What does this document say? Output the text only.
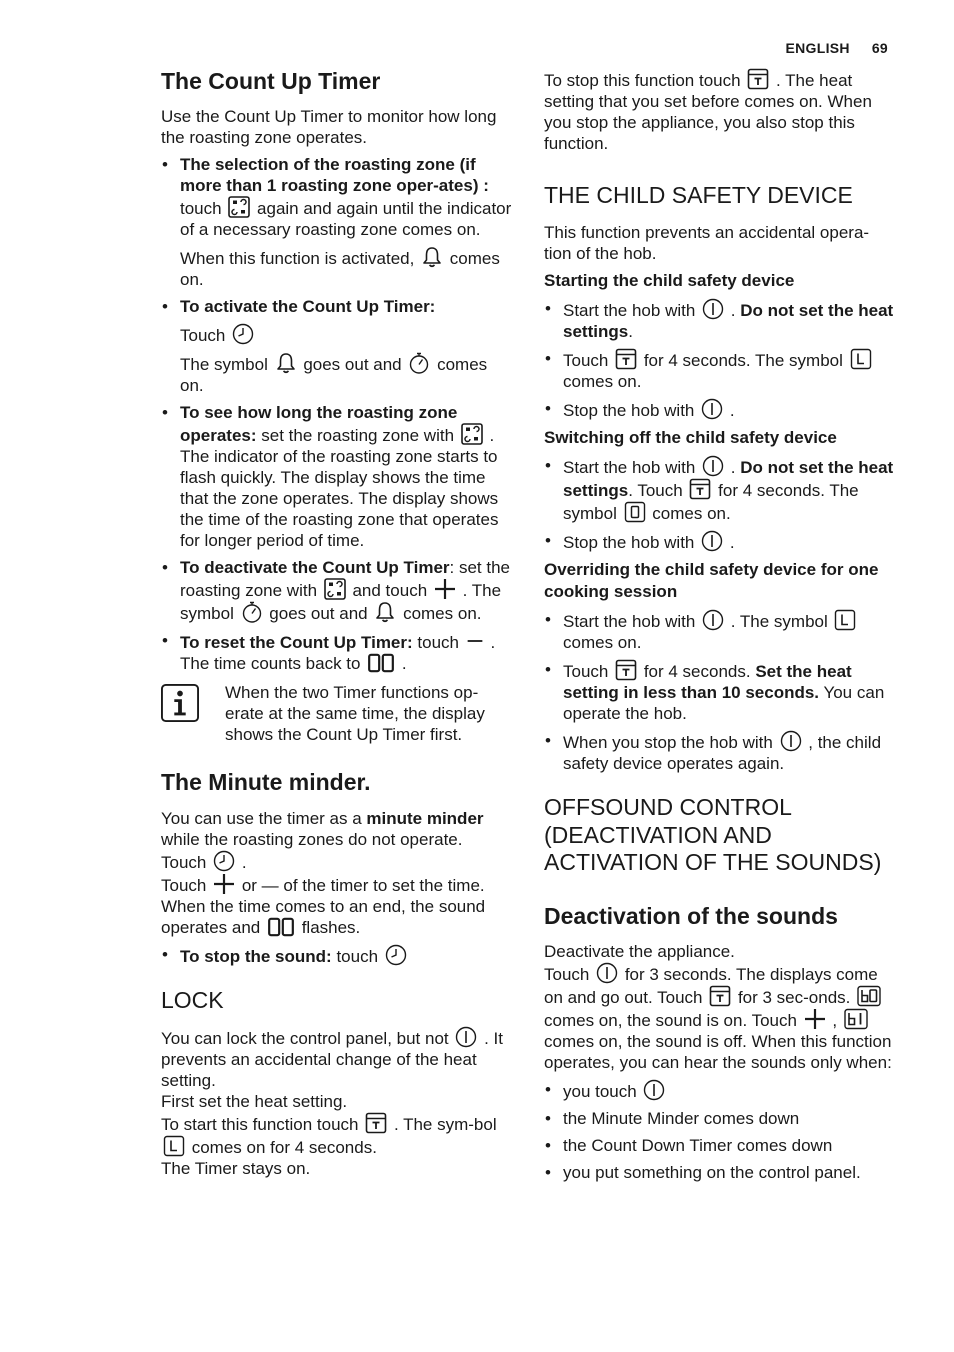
ENGLISH 69
The Count Up Timer

Use the Count Up Timer to monitor how long the roasting zone operates.

• The selection of the roasting zone (if more than 1 roasting zone oper-ates) : touch  again and again until the indicator of a necessary roasting zone comes on.

When this function is activated,  comes on.

• To activate the Count Up Timer:

Touch

The symbol  goes out and  comes on.

• To see how long the roasting zone operates: set the roasting zone with  . The indicator of the roasting zone starts to flash quickly. The display shows the time that the zone operates. The display shows the time of the roasting zone that operates for longer period of time.
• To deactivate the Count Up Timer: set the roasting zone with  and touch  . The symbol  goes out and  comes on.
• To reset the Count Up Timer: touch  . The time counts back to  .

When the two Timer functions op-erate at the same time, the display shows the Count Up Timer first.

The Minute minder.

You can use the timer as a minute minder while the roasting zones do not operate.
Touch  .
Touch  or — of the timer to set the time. When the time comes to an end, the sound operates and  flashes.

• To stop the sound: touch
LOCK

You can lock the control panel, but not  . It prevents an accidental change of the heat setting.
First set the heat setting.
To start this function touch  . The sym-bol  comes on for 4 seconds.
The Timer stays on.

To stop this function touch  . The heat setting that you set before comes on. When you stop the appliance, you also stop this function.

THE CHILD SAFETY DEVICE

This function prevents an accidental opera-tion of the hob.

Starting the child safety device
• Start the hob with  . Do not set the heat settings.
• Touch  for 4 seconds. The symbol  comes on.
• Stop the hob with  .
Switching off the child safety device
• Start the hob with  . Do not set the heat settings. Touch  for 4 seconds. The symbol  comes on.
• Stop the hob with  .
Overriding the child safety device for one cooking session
• Start the hob with  . The symbol  comes on.
• Touch  for 4 seconds. Set the heat setting in less than 10 seconds. You can operate the hob.
• When you stop the hob with  , the child safety device operates again.
OFFSOUND CONTROL (DEACTIVATION AND ACTIVATION OF THE SOUNDS)
Deactivation of the sounds

Deactivate the appliance.
Touch  for 3 seconds. The displays come on and go out. Touch  for 3 sec-onds.  comes on, the sound is on. Touch  ,  comes on, the sound is off. When this function operates, you can hear the sounds only when:

• you touch
• the Minute Minder comes down
• the Count Down Timer comes down
• you put something on the control panel.
